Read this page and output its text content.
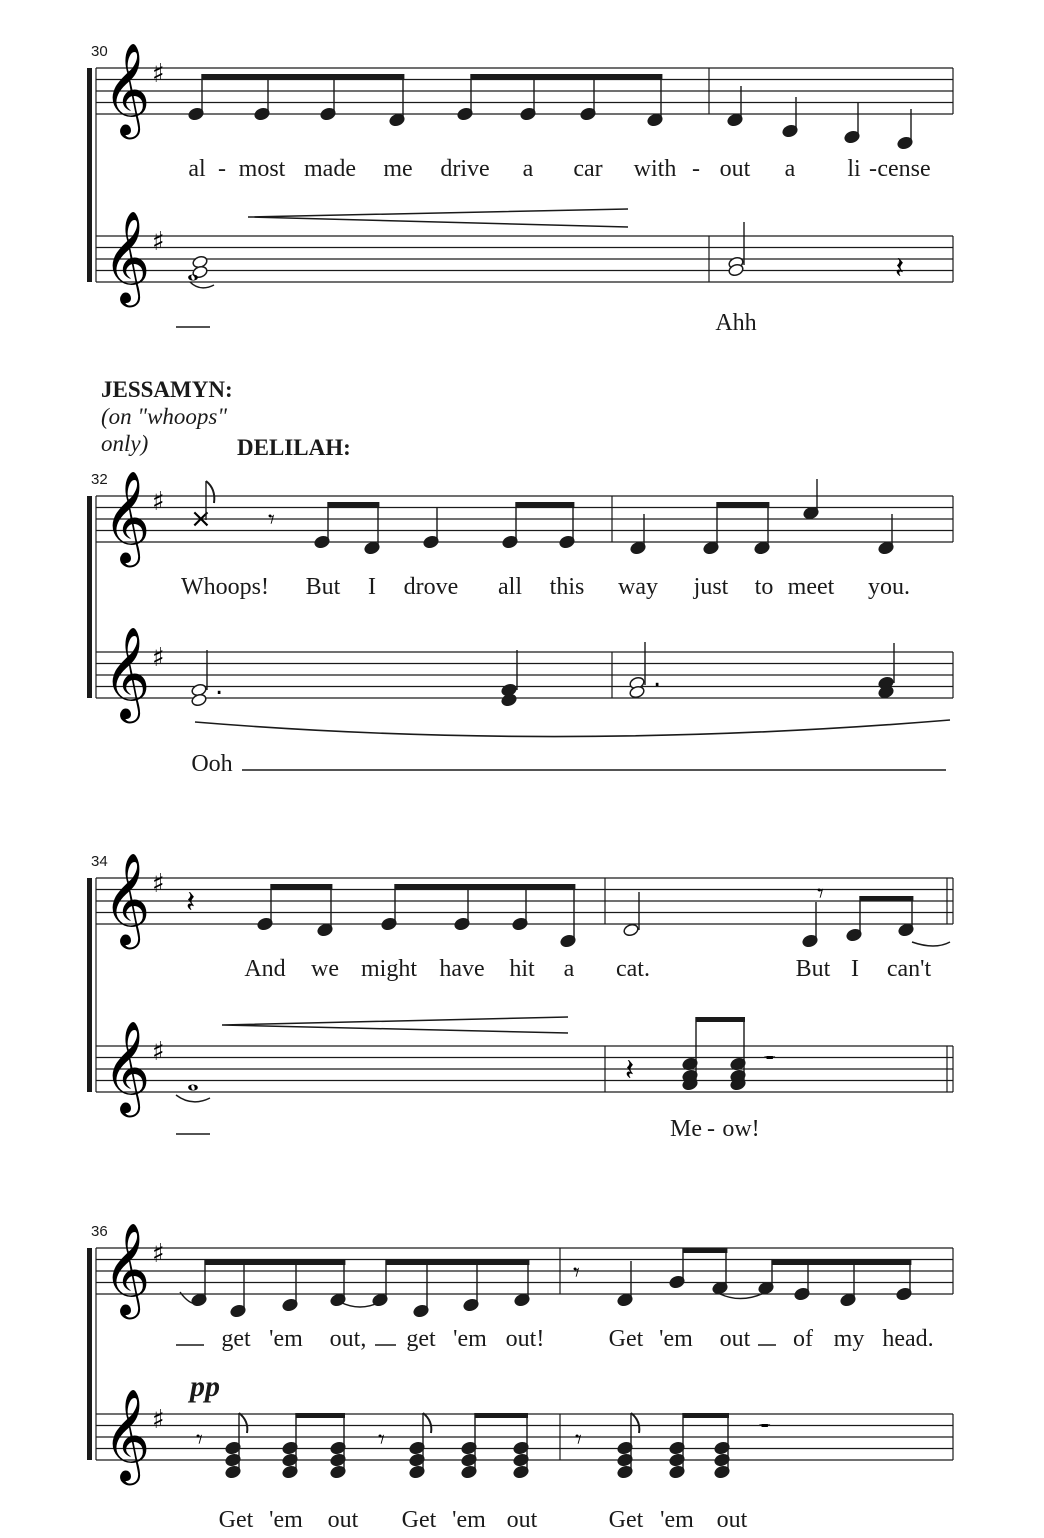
𝄞 ♯
𝄞 ♯
𝄞 ♯
𝄞 ♯
𝄞 ♯
𝄞 ♯
𝄞 ♯
𝄞 ♯
𝅝	𝄽
× 𝄾
.	.
𝄽	𝄾
𝅝	𝄽	𝄻
𝄾
𝄾	𝄾	𝄾	𝄻
30
al - most made me drive a car with - out a li - cense
Ahh
JESSAMYN:
(on "whoops"
only)	DELILAH:
32
Whoops! But I drove all this way just to meet you.
Ooh
34
And we might have hit a cat.	But I can't
Me - ow!
36
get 'em out, get 'em out!	Get 'em out of my head.
pp
Get 'em out Get 'em out	Get 'em out
